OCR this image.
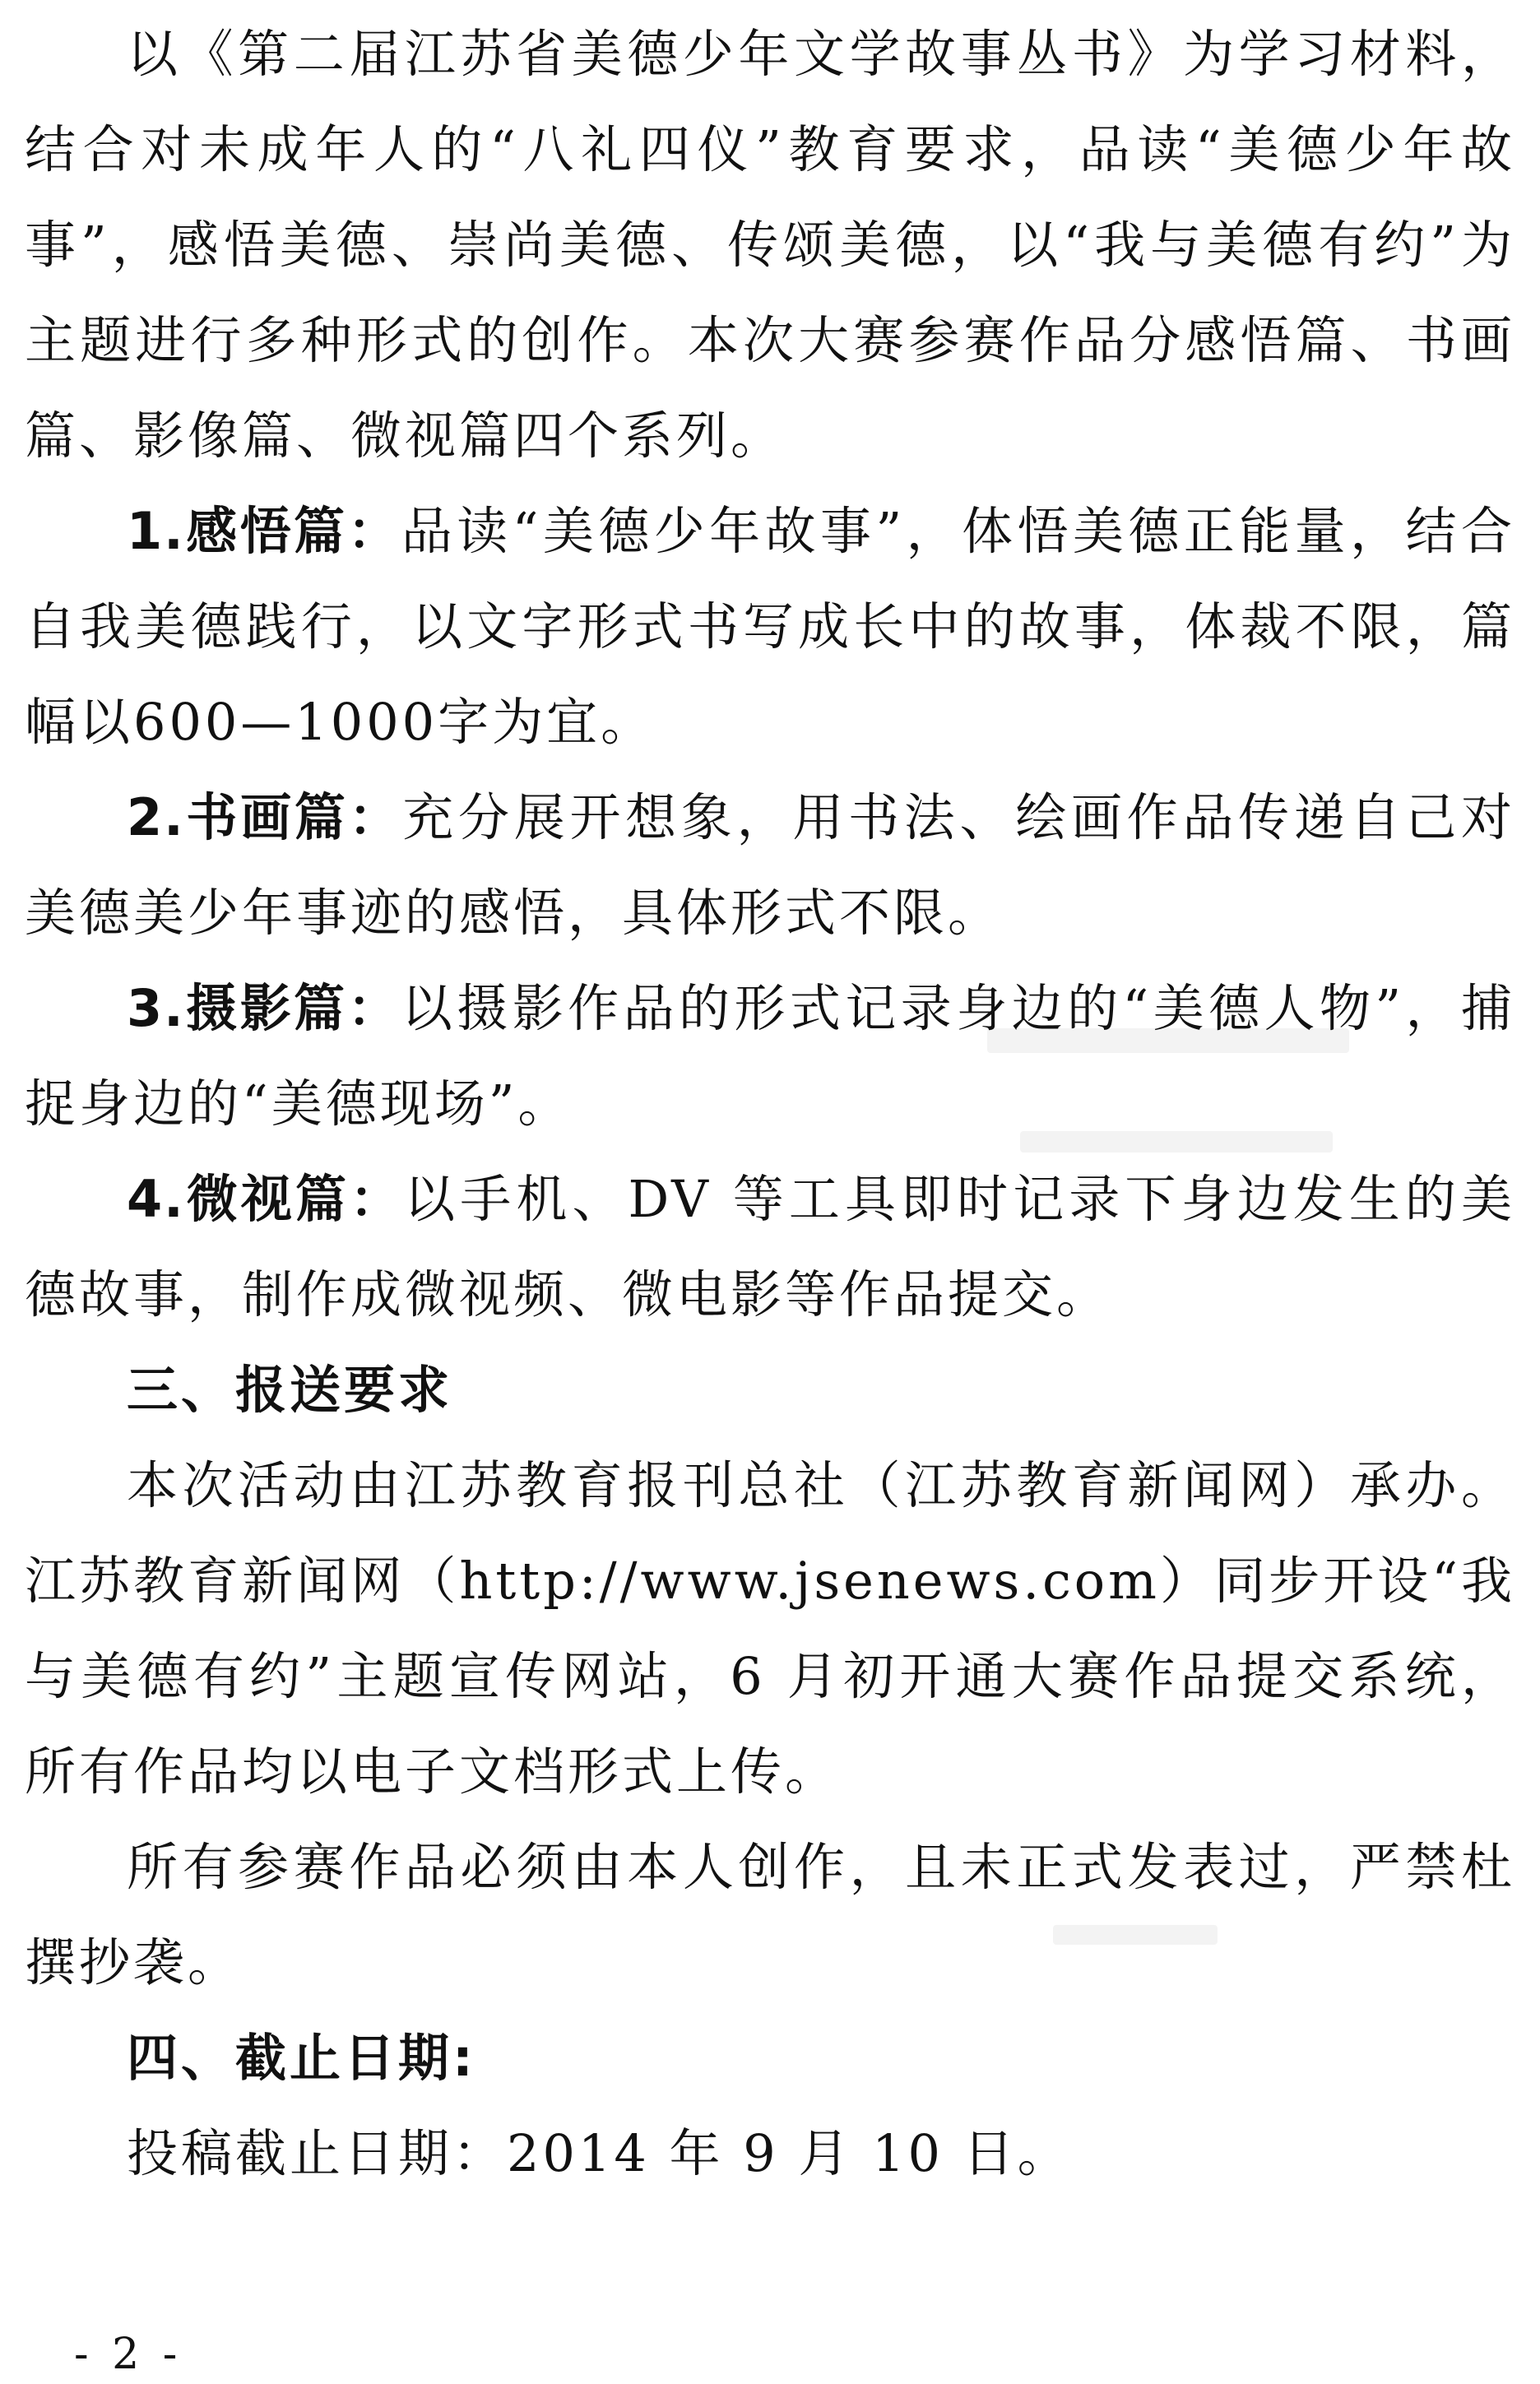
以《第二届江苏省美德少年文学故事丛书》为学习材料，结合对未成年人的“八礼四仪”教育要求，品读“美德少年故事”，感悟美德、崇尚美德、传颂美德，以“我与美德有约”为主题进行多种形式的创作。本次大赛参赛作品分感悟篇、书画篇、影像篇、微视篇四个系列。

1.感悟篇：品读“美德少年故事”，体悟美德正能量，结合自我美德践行，以文字形式书写成长中的故事，体裁不限，篇幅以600—1000字为宜。

2.书画篇：充分展开想象，用书法、绘画作品传递自己对美德美少年事迹的感悟，具体形式不限。

3.摄影篇：以摄影作品的形式记录身边的“美德人物”，捕捉身边的“美德现场”。

4.微视篇：以手机、DV 等工具即时记录下身边发生的美德故事，制作成微视频、微电影等作品提交。

三、报送要求

本次活动由江苏教育报刊总社（江苏教育新闻网）承办。江苏教育新闻网（http://www.jsenews.com）同步开设“我与美德有约”主题宣传网站，6 月初开通大赛作品提交系统，所有作品均以电子文档形式上传。

所有参赛作品必须由本人创作，且未正式发表过，严禁杜撰抄袭。

四、截止日期:

投稿截止日期：2014 年 9 月 10 日。

- 2 -
